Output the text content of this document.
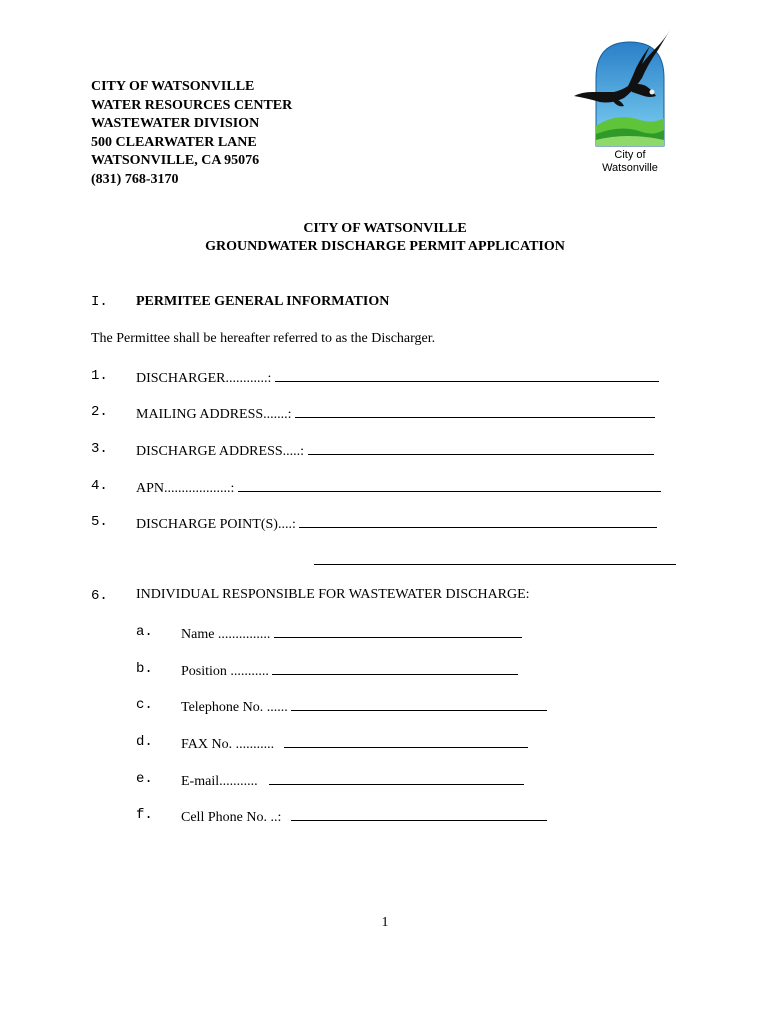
CITY OF WATSONVILLE
WATER RESOURCES CENTER
WASTEWATER DIVISION
500 CLEARWATER LANE
WATSONVILLE, CA 95076
(831) 768-3170
City of
Watsonville
CITY OF WATSONVILLE
GROUNDWATER DISCHARGE PERMIT APPLICATION
I. PERMITEE GENERAL INFORMATION
The Permittee shall be hereafter referred to as the Discharger.
1. DISCHARGER............:
2. MAILING ADDRESS.......:
3. DISCHARGE ADDRESS.....:
4. APN...................:
5. DISCHARGE POINT(S)....:
6. INDIVIDUAL RESPONSIBLE FOR WASTEWATER DISCHARGE:
a. Name ...............
b. Position ...........
c. Telephone No. ......
d. FAX No. ...........
e. E-mail...........
f. Cell Phone No. ..:
1
